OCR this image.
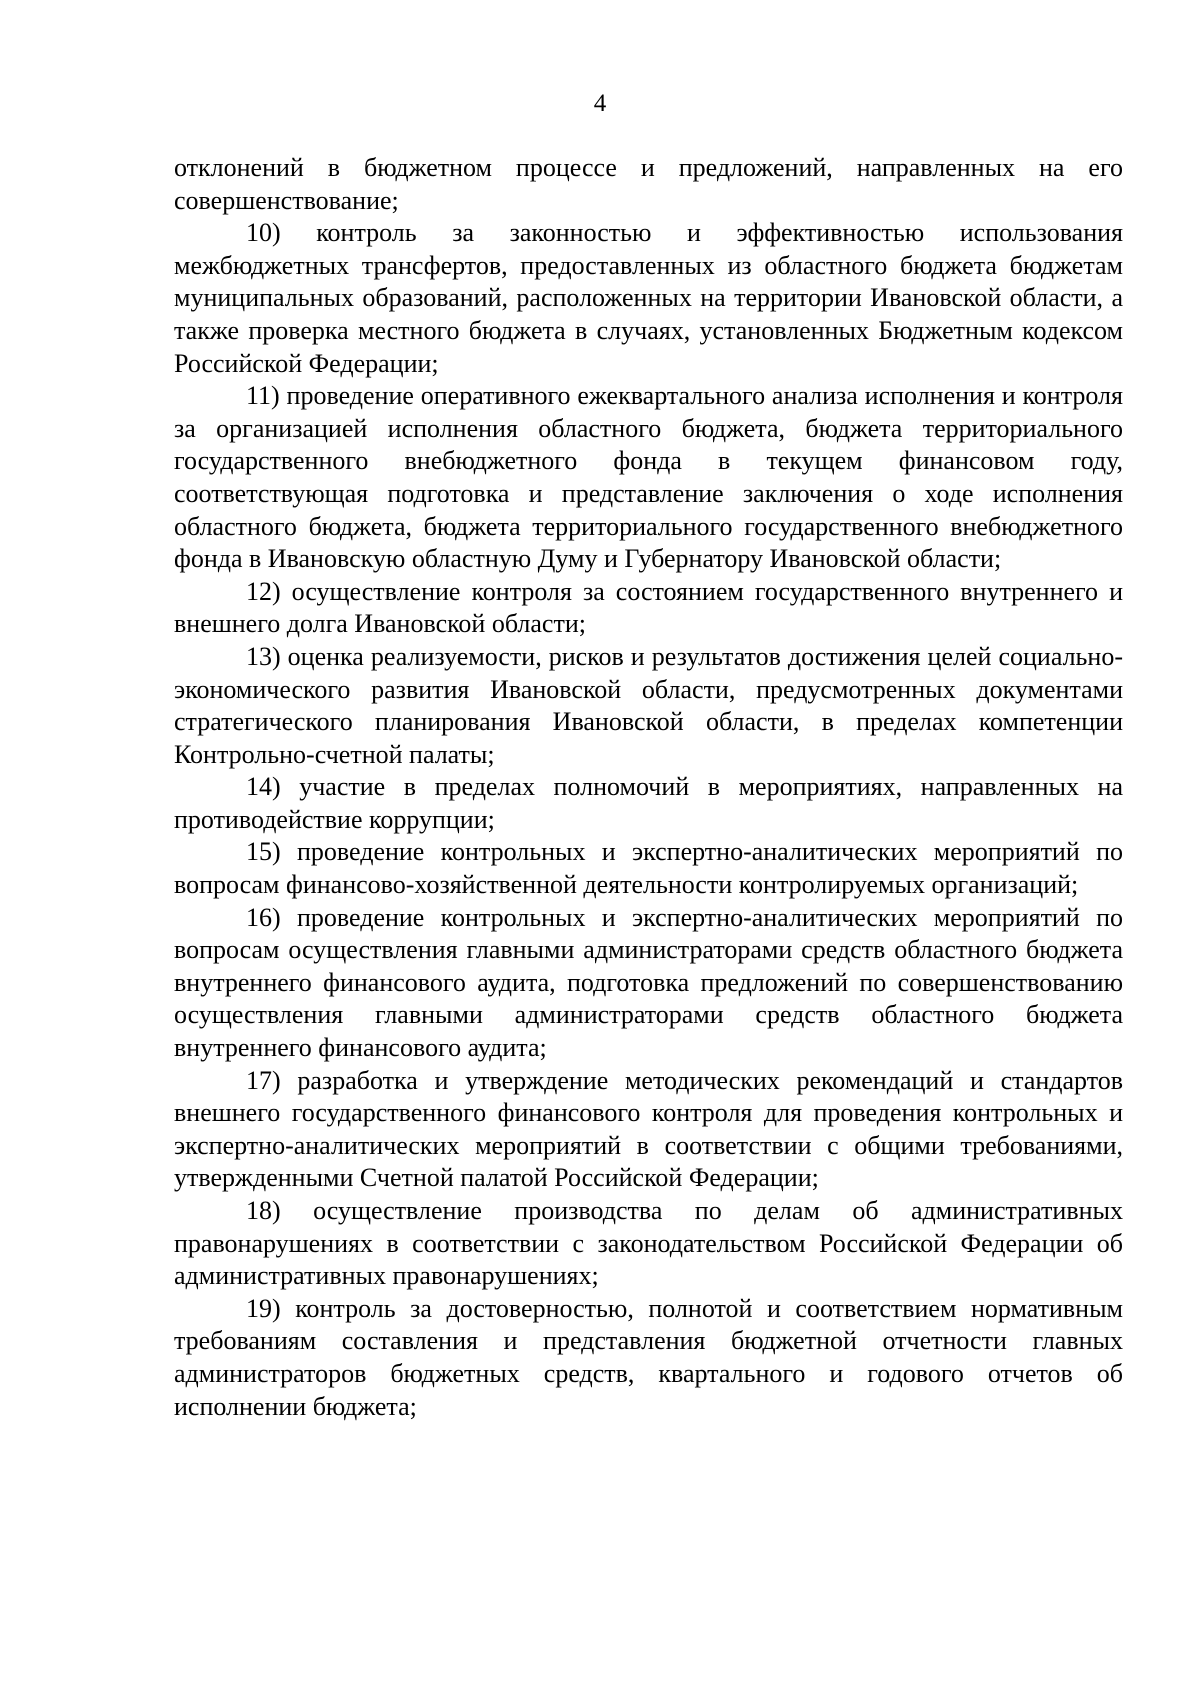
4

отклонений в бюджетном процессе и предложений, направленных на его совершенствование;

10) контроль за законностью и эффективностью использования межбюджетных трансфертов, предоставленных из областного бюджета бюджетам муниципальных образований, расположенных на территории Ивановской области, а также проверка местного бюджета в случаях, установленных Бюджетным кодексом Российской Федерации;

11) проведение оперативного ежеквартального анализа исполнения и контроля за организацией исполнения областного бюджета, бюджета территориального государственного внебюджетного фонда в текущем финансовом году, соответствующая подготовка и представление заключения о ходе исполнения областного бюджета, бюджета территориального государственного внебюджетного фонда в Ивановскую областную Думу и Губернатору Ивановской области;

12) осуществление контроля за состоянием государственного внутреннего и внешнего долга Ивановской области;

13) оценка реализуемости, рисков и результатов достижения целей социально-экономического развития Ивановской области, предусмотренных документами стратегического планирования Ивановской области, в пределах компетенции Контрольно-счетной палаты;

14) участие в пределах полномочий в мероприятиях, направленных на противодействие коррупции;

15) проведение контрольных и экспертно-аналитических мероприятий по вопросам финансово-хозяйственной деятельности контролируемых организаций;

16) проведение контрольных и экспертно-аналитических мероприятий по вопросам осуществления главными администраторами средств областного бюджета внутреннего финансового аудита, подготовка предложений по совершенствованию осуществления главными администраторами средств областного бюджета внутреннего финансового аудита;

17) разработка и утверждение методических рекомендаций и стандартов внешнего государственного финансового контроля для проведения контрольных и экспертно-аналитических мероприятий в соответствии с общими требованиями, утвержденными Счетной палатой Российской Федерации;

18) осуществление производства по делам об административных правонарушениях в соответствии с законодательством Российской Федерации об административных правонарушениях;

19) контроль за достоверностью, полнотой и соответствием нормативным требованиям составления и представления бюджетной отчетности главных администраторов бюджетных средств, квартального и годового отчетов об исполнении бюджета;
